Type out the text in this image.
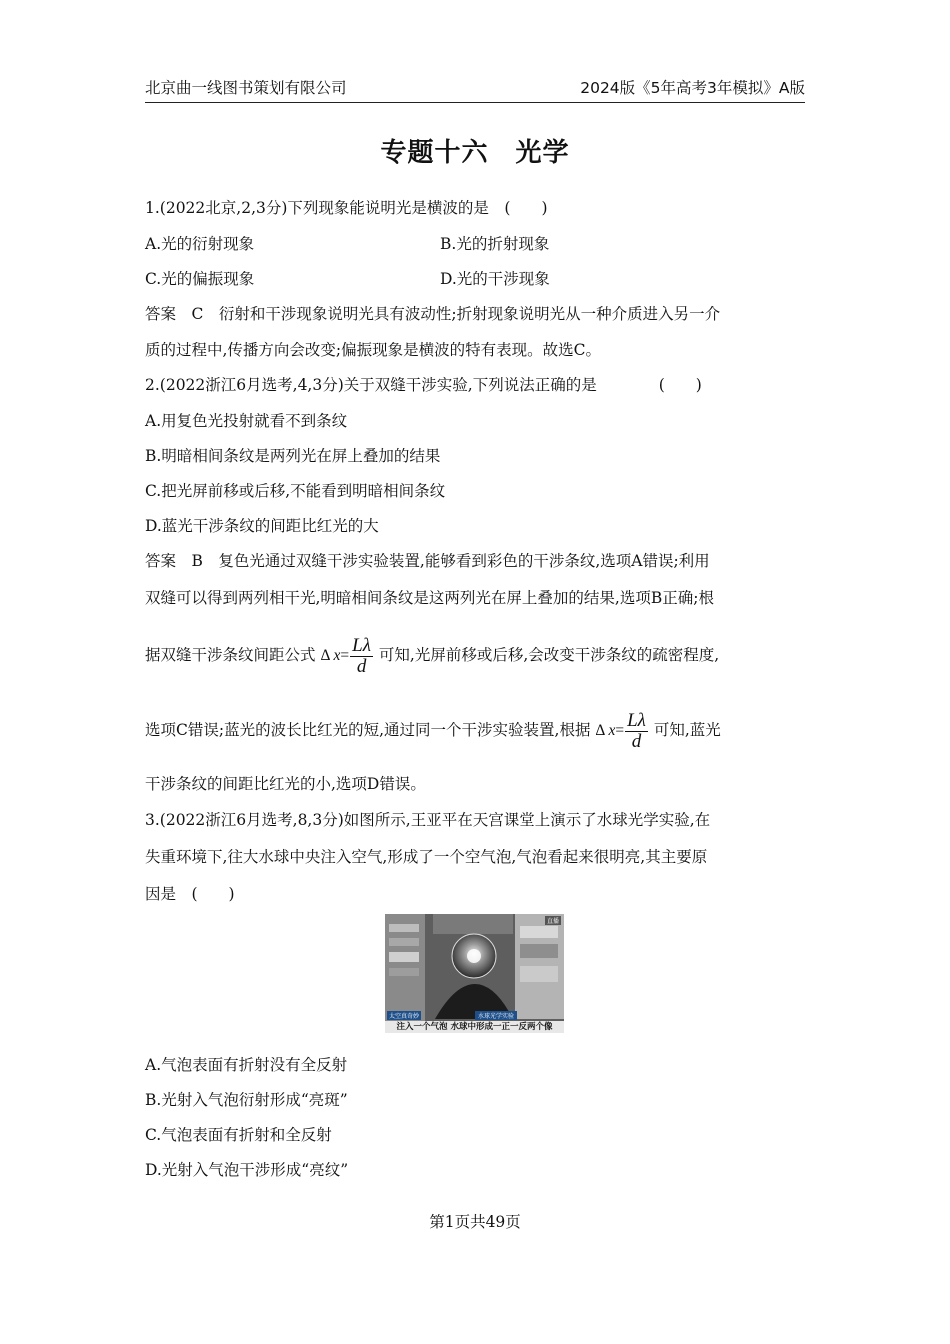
北京曲一线图书策划有限公司	2024版《5年高考3年模拟》A版
专题十六　光学
1.(2022北京,2,3分)下列现象能说明光是横波的是　(　　)
A.光的衍射现象	B.光的折射现象
C.光的偏振现象	D.光的干涉现象
答案　C　衍射和干涉现象说明光具有波动性;折射现象说明光从一种介质进入另一介
质的过程中,传播方向会改变;偏振现象是横波的特有表现。故选C。
2.(2022浙江6月选考,4,3分)关于双缝干涉实验,下列说法正确的是　　　　(　　)
A.用复色光投射就看不到条纹
B.明暗相间条纹是两列光在屏上叠加的结果
C.把光屏前移或后移,不能看到明暗相间条纹
D.蓝光干涉条纹的间距比红光的大
答案　B　复色光通过双缝干涉实验装置,能够看到彩色的干涉条纹,选项A错误;利用
双缝可以得到两列相干光,明暗相间条纹是这两列光在屏上叠加的结果,选项B正确;根
据双缝干涉条纹间距公式 Δ  $x= \frac{L\lambda}{d}$ 可知,光屏前移或后移,会改变干涉条纹的疏密程度,
选项C错误;蓝光的波长比红光的短,通过同一个干涉实验装置,根据 Δ  $x= \frac{L\lambda}{d}$ 可知,蓝光
干涉条纹的间距比红光的小,选项D错误。
3.(2022浙江6月选考,8,3分)如图所示,王亚平在天宫课堂上演示了水球光学实验,在
失重环境下,往大水球中央注入空气,形成了一个空气泡,气泡看起来很明亮,其主要原
因是　(　　)
直播
太空真奇妙	水球光学实验
注入一个气泡 水球中形成一正一反两个像
A.气泡表面有折射没有全反射
B.光射入气泡衍射形成“亮斑”
C.气泡表面有折射和全反射
D.光射入气泡干涉形成“亮纹”
第1页共49页
